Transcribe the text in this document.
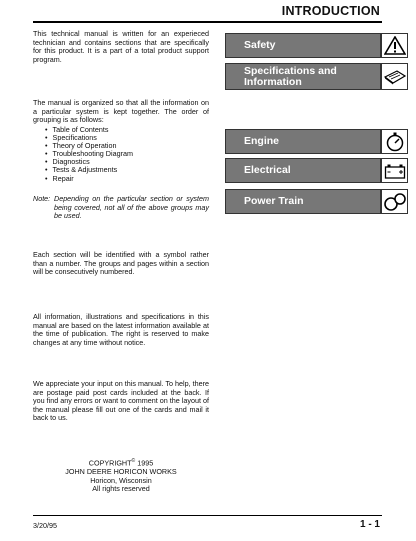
INTRODUCTION

This technical manual is written for an experieced technician and contains sections that are specifically for this product. It is a part of a total product support program.

The manual is organized so that all the information on a particular system is kept together. The order of grouping is as follows:

• Table of Contents
• Specifications
• Theory of Operation
• Troubleshooting Diagram
• Diagnostics
• Tests & Adjustments
• Repair
Note: Depending on the particular section or system being covered, not all of the above groups may be used.

Each section will be identified with a symbol rather than a number. The groups and pages within a section will be consecutively numbered.

All information, illustrations and specifications in this manual are based on the latest information available at the time of publication. The right is reserved to make changes at any time without notice.

We appreciate your input on this manual. To help, there are postage paid post cards included at the back. If you find any errors or want to comment on the layout of the manual please fill out one of the cards and mail it back to us.

COPYRIGHT© 1995
JOHN DEERE HORICON WORKS
Horicon, Wisconsin
All rights reserved
Safety
Specifications and Information
Engine
Electrical
Power Train
3/20/95	1 - 1
